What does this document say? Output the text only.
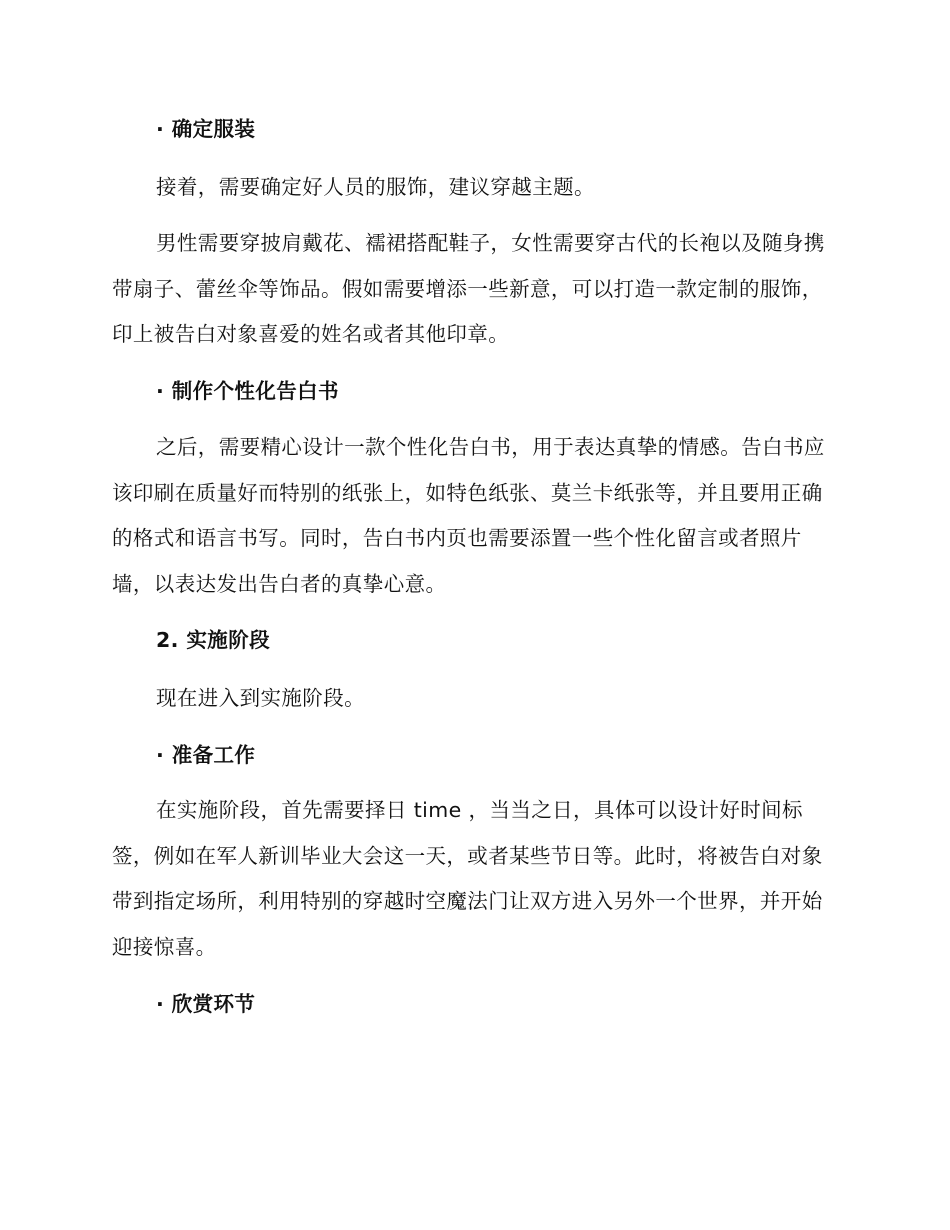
· 确定服装

接着，需要确定好人员的服饰，建议穿越主题。

男性需要穿披肩戴花、襦裙搭配鞋子，女性需要穿古代的长袍以及随身携带扇子、蕾丝伞等饰品。假如需要增添一些新意，可以打造一款定制的服饰，印上被告白对象喜爱的姓名或者其他印章。

· 制作个性化告白书

之后，需要精心设计一款个性化告白书，用于表达真挚的情感。告白书应该印刷在质量好而特别的纸张上，如特色纸张、莫兰卡纸张等，并且要用正确的格式和语言书写。同时，告白书内页也需要添置一些个性化留言或者照片墙，以表达发出告白者的真挚心意。

2. 实施阶段

现在进入到实施阶段。

· 准备工作

在实施阶段，首先需要择日 time ，当当之日，具体可以设计好时间标签，例如在军人新训毕业大会这一天，或者某些节日等。此时，将被告白对象带到指定场所，利用特别的穿越时空魔法门让双方进入另外一个世界，并开始迎接惊喜。

· 欣赏环节
